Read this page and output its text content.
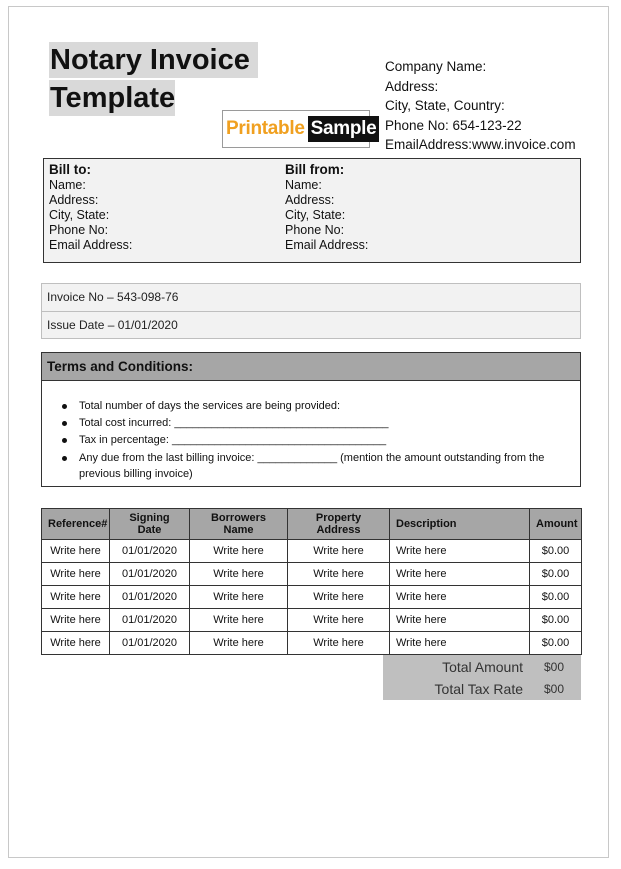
Notary Invoice
Template
Printable Sample
Company Name:
Address:
City, State, Country:
Phone No: 654-123-22
EmailAddress:www.invoice.com
Bill to:
Name:
Address:
City, State:
Phone No:
Email Address:
Bill from:
Name:
Address:
City, State:
Phone No:
Email Address:
Invoice No – 543-098-76
Issue Date – 01/01/2020
Terms and Conditions:
Total number of days the services are being provided:
Total cost incurred: ___________________________________
Tax in percentage: ___________________________________
Any due from the last billing invoice: _____________ (mention the amount outstanding from the previous billing invoice)
Reference#	Signing Date	Borrowers Name	Property Address	Description	Amount
Write here	01/01/2020	Write here	Write here	Write here	$0.00
Write here	01/01/2020	Write here	Write here	Write here	$0.00
Write here	01/01/2020	Write here	Write here	Write here	$0.00
Write here	01/01/2020	Write here	Write here	Write here	$0.00
Write here	01/01/2020	Write here	Write here	Write here	$0.00
Total Amount $00
Total Tax Rate $00
